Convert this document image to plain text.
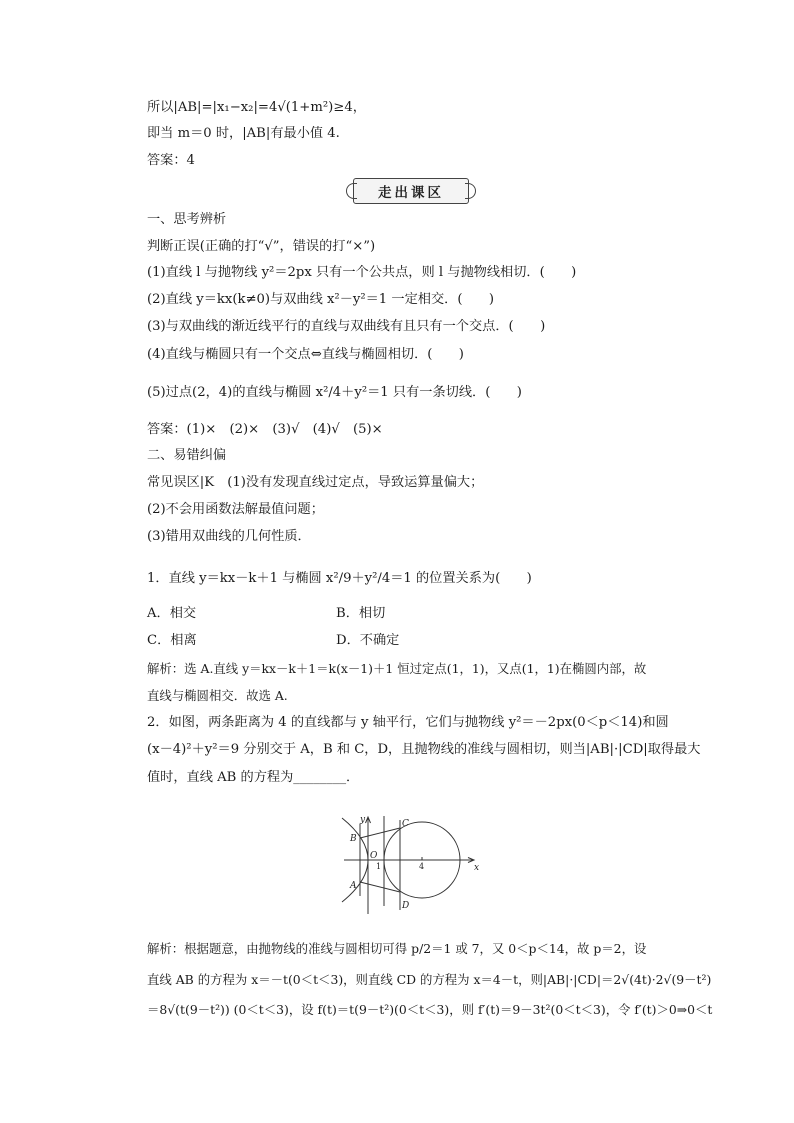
所以|AB|=|x₁−x₂|=4√(1+m²)≥4，
即当 m＝0 时，|AB|有最小值 4.
答案：4
走出课区
一、思考辨析
判断正误(正确的打“√”，错误的打“×”)
(1)直线 l 与抛物线 y²＝2px 只有一个公共点，则 l 与抛物线相切．(　　)
(2)直线 y＝kx(k≠0)与双曲线 x²－y²＝1 一定相交．(　　)
(3)与双曲线的渐近线平行的直线与双曲线有且只有一个交点．(　　)
(4)直线与椭圆只有一个交点⇔直线与椭圆相切．(　　)
(5)过点(2，4)的直线与椭圆 x²/4＋y²＝1 只有一条切线．(　　)
答案：(1)×　(2)×　(3)√　(4)√　(5)×
二、易错纠偏
常见误区|K　(1)没有发现直线过定点，导致运算量偏大；
(2)不会用函数法解最值问题；
(3)错用双曲线的几何性质．
1．直线 y＝kx－k＋1 与椭圆 x²/9＋y²/4＝1 的位置关系为(　　)
A．相交	B．相切
C．相离	D．不确定
解析：选 A.直线 y＝kx－k＋1＝k(x－1)＋1 恒过定点(1，1)，又点(1，1)在椭圆内部，故
直线与椭圆相交．故选 A.
2．如图，两条距离为 4 的直线都与 y 轴平行，它们与抛物线 y²＝－2px(0＜p＜14)和圆
(x－4)²＋y²＝9 分别交于 A，B 和 C，D，且抛物线的准线与圆相切，则当|AB|·|CD|取得最大
值时，直线 AB 的方程为________．
y
x
B
C
O
A
D
1	4
解析：根据题意，由抛物线的准线与圆相切可得 p/2＝1 或 7，又 0＜p＜14，故 p＝2，设
直线 AB 的方程为 x＝－t(0＜t＜3)，则直线 CD 的方程为 x＝4－t，则|AB|·|CD|＝2√(4t)·2√(9－t²)
＝8√(t(9－t²)) (0＜t＜3)，设 f(t)＝t(9－t²)(0＜t＜3)，则 f′(t)＝9－3t²(0＜t＜3)，令 f′(t)＞0⇒0＜t
